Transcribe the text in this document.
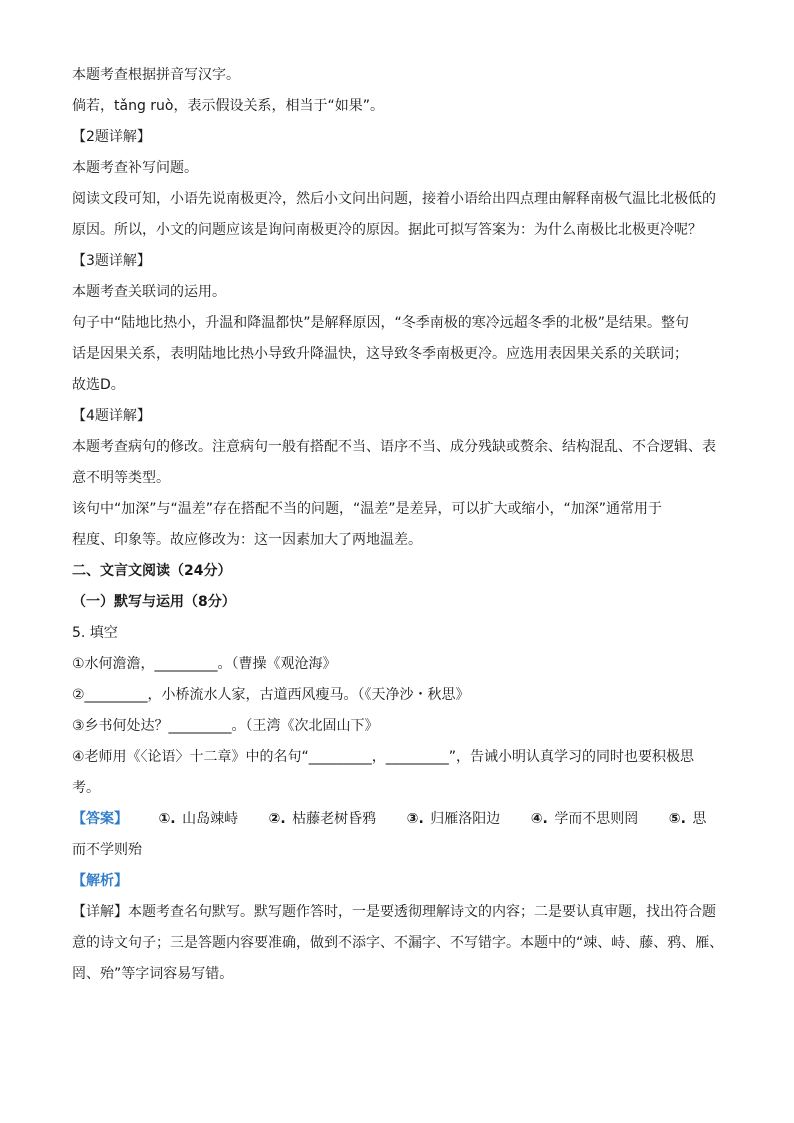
本题考查根据拼音写汉字。
倘若，tǎng ruò，表示假设关系，相当于“如果”。
【2题详解】
本题考查补写问题。
阅读文段可知，小语先说南极更冷，然后小文问出问题，接着小语给出四点理由解释南极气温比北极低的
原因。所以，小文的问题应该是询问南极更冷的原因。据此可拟写答案为：为什么南极比北极更冷呢？
【3题详解】
本题考查关联词的运用。
句子中“陆地比热小，升温和降温都快”是解释原因，“冬季南极的寒冷远超冬季的北极”是结果。整句
话是因果关系，表明陆地比热小导致升降温快，这导致冬季南极更冷。应选用表因果关系的关联词；
故选D。
【4题详解】
本题考查病句的修改。注意病句一般有搭配不当、语序不当、成分残缺或赘余、结构混乱、不合逻辑、表
意不明等类型。
该句中“加深”与“温差”存在搭配不当的问题，“温差”是差异，可以扩大或缩小，“加深”通常用于
程度、印象等。故应修改为：这一因素加大了两地温差。
二、文言文阅读（24分）
（一）默写与运用（8分）
5. 填空
①水何澹澹，_________。（曹操《观沧海》
②_________，小桥流水人家，古道西风瘦马。（《天净沙・秋思》
③乡书何处达？_________。（王湾《次北固山下》
④老师用《〈论语〉十二章》中的名句“_________，_________”，告诫小明认真学习的同时也要积极思
考。
【答案】 ①. 山岛竦峙 ②. 枯藤老树昏鸦 ③. 归雁洛阳边 ④. 学而不思则罔 ⑤. 思
而不学则殆
【解析】
【详解】本题考查名句默写。默写题作答时，一是要透彻理解诗文的内容；二是要认真审题，找出符合题
意的诗文句子；三是答题内容要准确，做到不添字、不漏字、不写错字。本题中的“竦、峙、藤、鸦、雁、
罔、殆”等字词容易写错。
